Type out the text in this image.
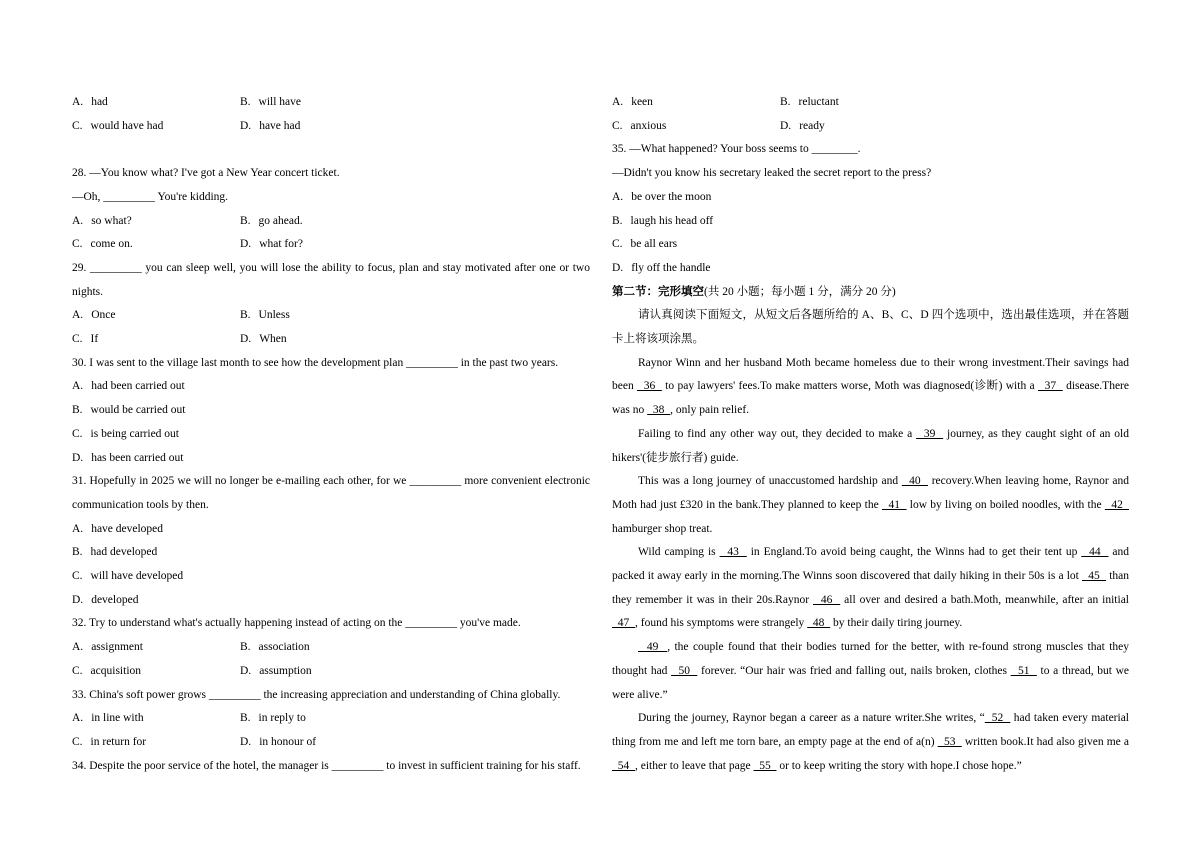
A. had	B. will have
C. would have had	D. have had
28. —You know what? I've got a New Year concert ticket.
—Oh, _________ You're kidding.
A. so what?	B. go ahead.
C. come on.	D. what for?
29. _________ you can sleep well, you will lose the ability to focus, plan and stay motivated after one or two nights.
A. Once	B. Unless
C. If	D. When
30. I was sent to the village last month to see how the development plan _________ in the past two years.
A. had been carried out
B. would be carried out
C. is being carried out
D. has been carried out
31. Hopefully in 2025 we will no longer be e-mailing each other, for we _________ more convenient electronic communication tools by then.
A. have developed
B. had developed
C. will have developed
D. developed
32. Try to understand what's actually happening instead of acting on the _________ you've made.
A. assignment	B. association
C. acquisition	D. assumption
33. China's soft power grows _________ the increasing appreciation and understanding of China globally.
A. in line with	B. in reply to
C. in return for	D. in honour of
34. Despite the poor service of the hotel, the manager is _________ to invest in sufficient training for his staff.
A. keen	B. reluctant
C. anxious	D. ready
35. —What happened? Your boss seems to ________.
—Didn't you know his secretary leaked the secret report to the press?
A. be over the moon
B. laugh his head off
C. be all ears
D. fly off the handle
第二节：完形填空(共 20 小题；每小题 1 分，满分 20 分)
请认真阅读下面短文，从短文后各题所给的 A、B、C、D 四个选项中，选出最佳选项，并在答题卡上将该项涂黑。
Raynor Winn and her husband Moth became homeless due to their wrong investment.Their savings had been   36   to pay lawyers' fees.To make matters worse, Moth was diagnosed(诊断) with a   37   disease.There was no   38  , only pain relief.
Failing to find any other way out, they decided to make a   39   journey, as they caught sight of an old hikers'(徒步旅行者) guide.
This was a long journey of unaccustomed hardship and   40   recovery.When leaving home, Raynor and Moth had just £320 in the bank.They planned to keep the   41   low by living on boiled noodles, with the   42   hamburger shop treat.
Wild camping is   43   in England.To avoid being caught, the Winns had to get their tent up   44   and packed it away early in the morning.The Winns soon discovered that daily hiking in their 50s is a lot   45   than they remember it was in their 20s.Raynor   46   all over and desired a bath.Moth, meanwhile, after an initial   47  , found his symptoms were strangely   48   by their daily tiring journey.
49  , the couple found that their bodies turned for the better, with re-found strong muscles that they thought had   50   forever. “Our hair was fried and falling out, nails broken, clothes   51   to a thread, but we were alive.”
During the journey, Raynor began a career as a nature writer.She writes, “  52   had taken every material thing from me and left me torn bare, an empty page at the end of a(n)   53   written book.It had also given me a   54  , either to leave that page   55   or to keep writing the story with hope.I chose hope.”
